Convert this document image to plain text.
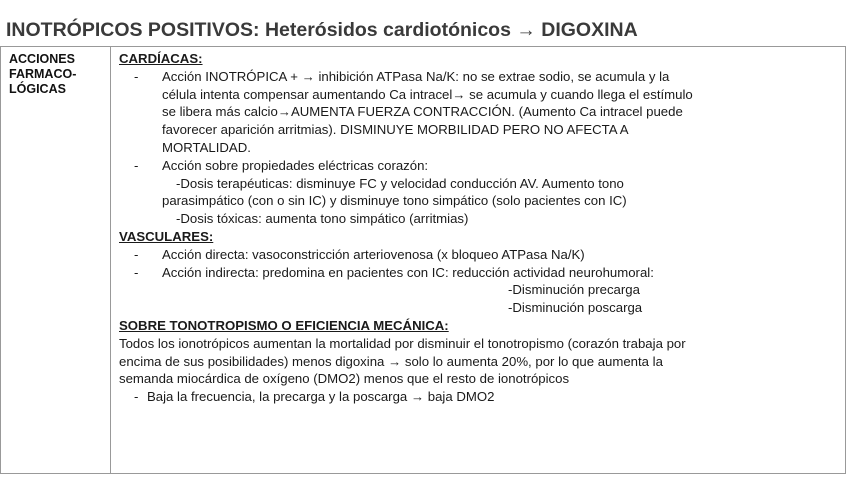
INOTRÓPICOS POSITIVOS: Heterósidos cardiotónicos → DIGOXINA
ACCIONES
FARMACO-
LÓGICAS
CARDÍACAS:
- Acción INOTRÓPICA + → inhibición ATPasa Na/K: no se extrae sodio, se acumula y la
célula intenta compensar aumentando Ca intracel→ se acumula y cuando llega el estímulo
se libera más calcio→AUMENTA FUERZA CONTRACCIÓN. (Aumento Ca intracel puede
favorecer aparición arritmias). DISMINUYE MORBILIDAD PERO NO AFECTA A
MORTALIDAD.
- Acción sobre propiedades eléctricas corazón:
-Dosis terapéuticas: disminuye FC y velocidad conducción AV. Aumento tono
parasimpático (con o sin IC) y disminuye tono simpático (solo pacientes con IC)
-Dosis tóxicas: aumenta tono simpático (arritmias)
VASCULARES:
- Acción directa: vasoconstricción arteriovenosa (x bloqueo ATPasa Na/K)
- Acción indirecta: predomina en pacientes con IC: reducción actividad neurohumoral:
-Disminución precarga
-Disminución poscarga
SOBRE TONOTROPISMO O EFICIENCIA MECÁNICA:
Todos los ionotrópicos aumentan la mortalidad por disminuir el tonotropismo (corazón trabaja por
encima de sus posibilidades) menos digoxina → solo lo aumenta 20%, por lo que aumenta la
semanda miocárdica de oxígeno (DMO2) menos que el resto de ionotrópicos
- Baja la frecuencia, la precarga y la poscarga → baja DMO2
